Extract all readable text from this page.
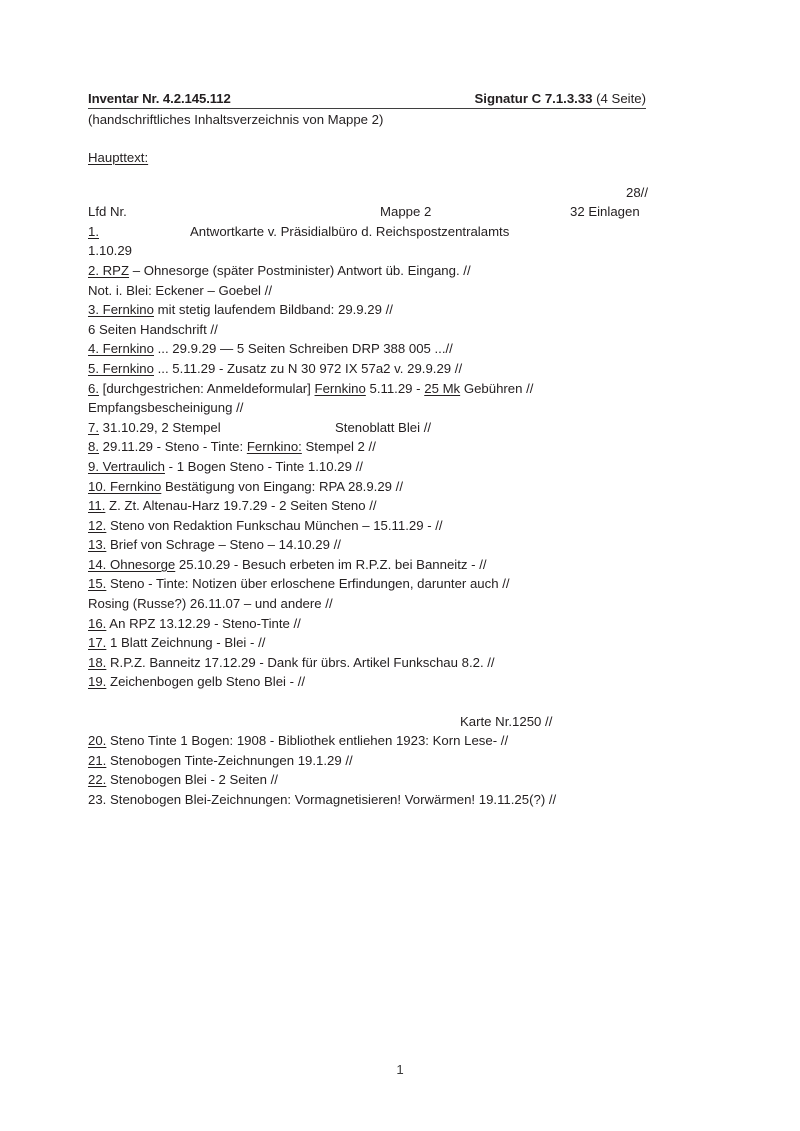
Inventar Nr. 4.2.145.112	Signatur C 7.1.3.33 (4 Seite)
(handschriftliches Inhaltsverzeichnis von Mappe 2)
Haupttext:
28//
Lfd Nr.	Mappe 2	32 Einlagen
1.	Antwortkarte v. Präsidialbüro d. Reichspostzentralamts
1.10.29
2. RPZ – Ohnesorge (später Postminister) Antwort üb. Eingang. //
Not. i. Blei: Eckener – Goebel //
3. Fernkino mit stetig laufendem Bildband: 29.9.29 //
6 Seiten Handschrift //
4. Fernkino ... 29.9.29 — 5 Seiten Schreiben DRP 388 005 ...//
5. Fernkino ... 5.11.29 - Zusatz zu N 30 972 IX 57a2 v. 29.9.29 //
6. [durchgestrichen: Anmeldeformular] Fernkino 5.11.29 - 25 Mk Gebühren //
Empfangsbescheinigung //
7. 31.10.29, 2 Stempel	Stenoblatt Blei //
8. 29.11.29 - Steno - Tinte: Fernkino: Stempel 2 //
9. Vertraulich - 1 Bogen Steno - Tinte 1.10.29 //
10. Fernkino Bestätigung von Eingang: RPA 28.9.29 //
11. Z. Zt. Altenau-Harz 19.7.29 - 2 Seiten Steno //
12. Steno von Redaktion Funkschau München – 15.11.29 - //
13. Brief von Schrage – Steno – 14.10.29 //
14. Ohnesorge 25.10.29 - Besuch erbeten im R.P.Z. bei Banneitz - //
15. Steno - Tinte: Notizen über erloschene Erfindungen, darunter auch //
Rosing (Russe?) 26.11.07 – und andere //
16. An RPZ 13.12.29 - Steno-Tinte //
17. 1 Blatt Zeichnung - Blei - //
18. R.P.Z. Banneitz 17.12.29 - Dank für übrs. Artikel Funkschau 8.2. //
19. Zeichenbogen gelb Steno Blei - //
Karte Nr.1250 //
20. Steno Tinte 1 Bogen: 1908 - Bibliothek entliehen 1923: Korn Lese- //
21. Stenobogen Tinte-Zeichnungen 19.1.29 //
22. Stenobogen Blei - 2 Seiten //
23. Stenobogen Blei-Zeichnungen: Vormagnetisieren! Vorwärmen! 19.11.25(?) //
1
